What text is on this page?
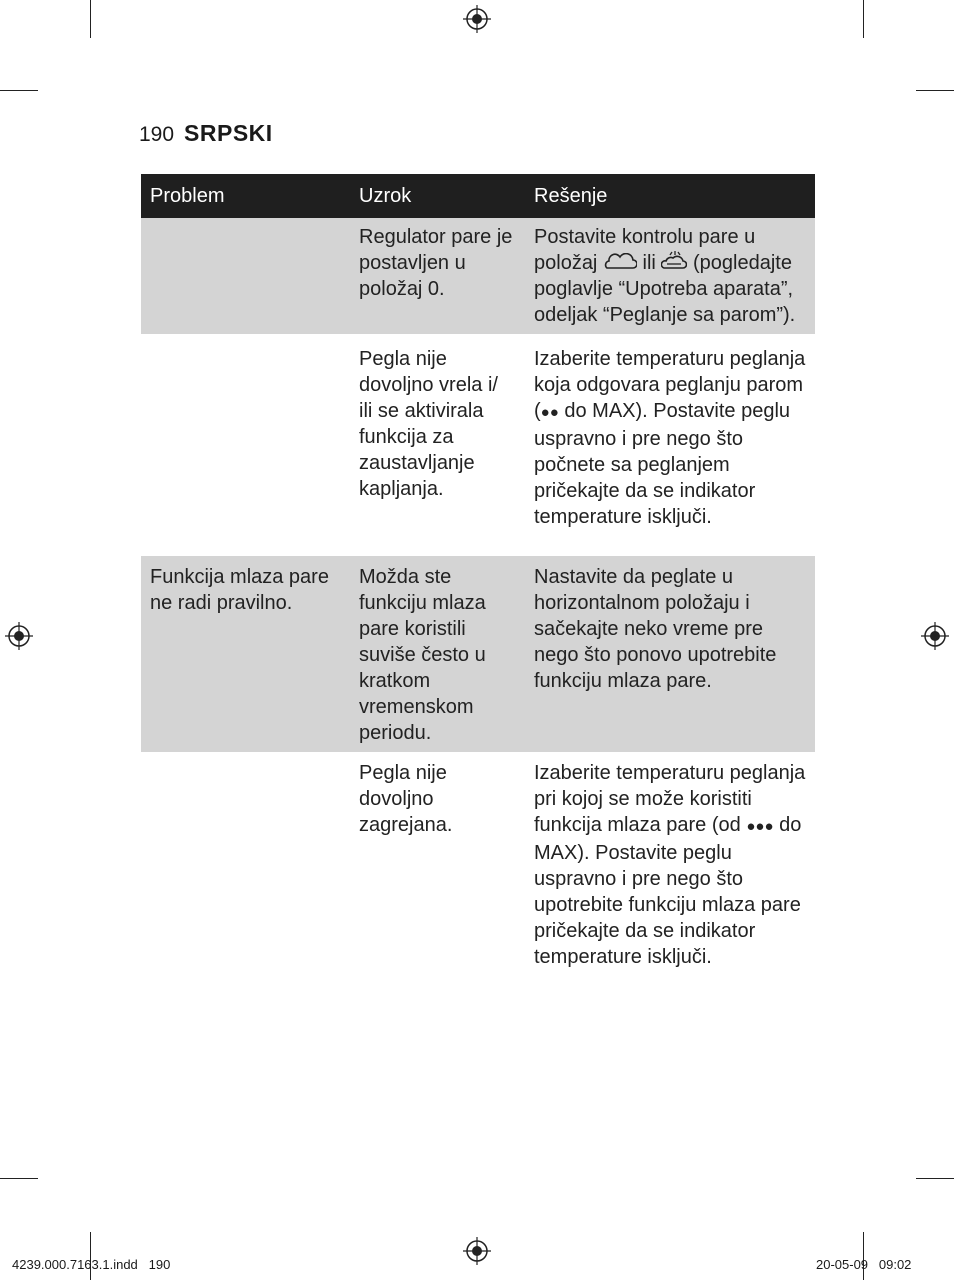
190 SRPSKI
Problem	Uzrok	Rešenje
	Regulator pare je postavljen u položaj 0.	Postavite kontrolu pare u položaj ili (pogledajte poglavlje “Upotreba aparata”, odeljak “Peglanje sa parom”).
	Pegla nije dovoljno vrela i/ ili se aktivirala funkcija za zaustavljanje kapljanja.	Izaberite temperaturu peglanja koja odgovara peglanju parom (●● do MAX). Postavite peglu uspravno i pre nego što počnete sa peglanjem pričekajte da se indikator temperature isključi.
Funkcija mlaza pare ne radi pravilno.	Možda ste funkciju mlaza pare koristili suviše često u kratkom vremenskom periodu.	Nastavite da peglate u horizontalnom položaju i sačekajte neko vreme pre nego što ponovo upotrebite funkciju mlaza pare.
	Pegla nije dovoljno zagrejana.	Izaberite temperaturu peglanja pri kojoj se može koristiti funkcija mlaza pare (od ●●● do MAX). Postavite peglu uspravno i pre nego što upotrebite funkciju mlaza pare pričekajte da se indikator temperature isključi.
4239.000.7163.1.indd   190	20-05-09   09:02
